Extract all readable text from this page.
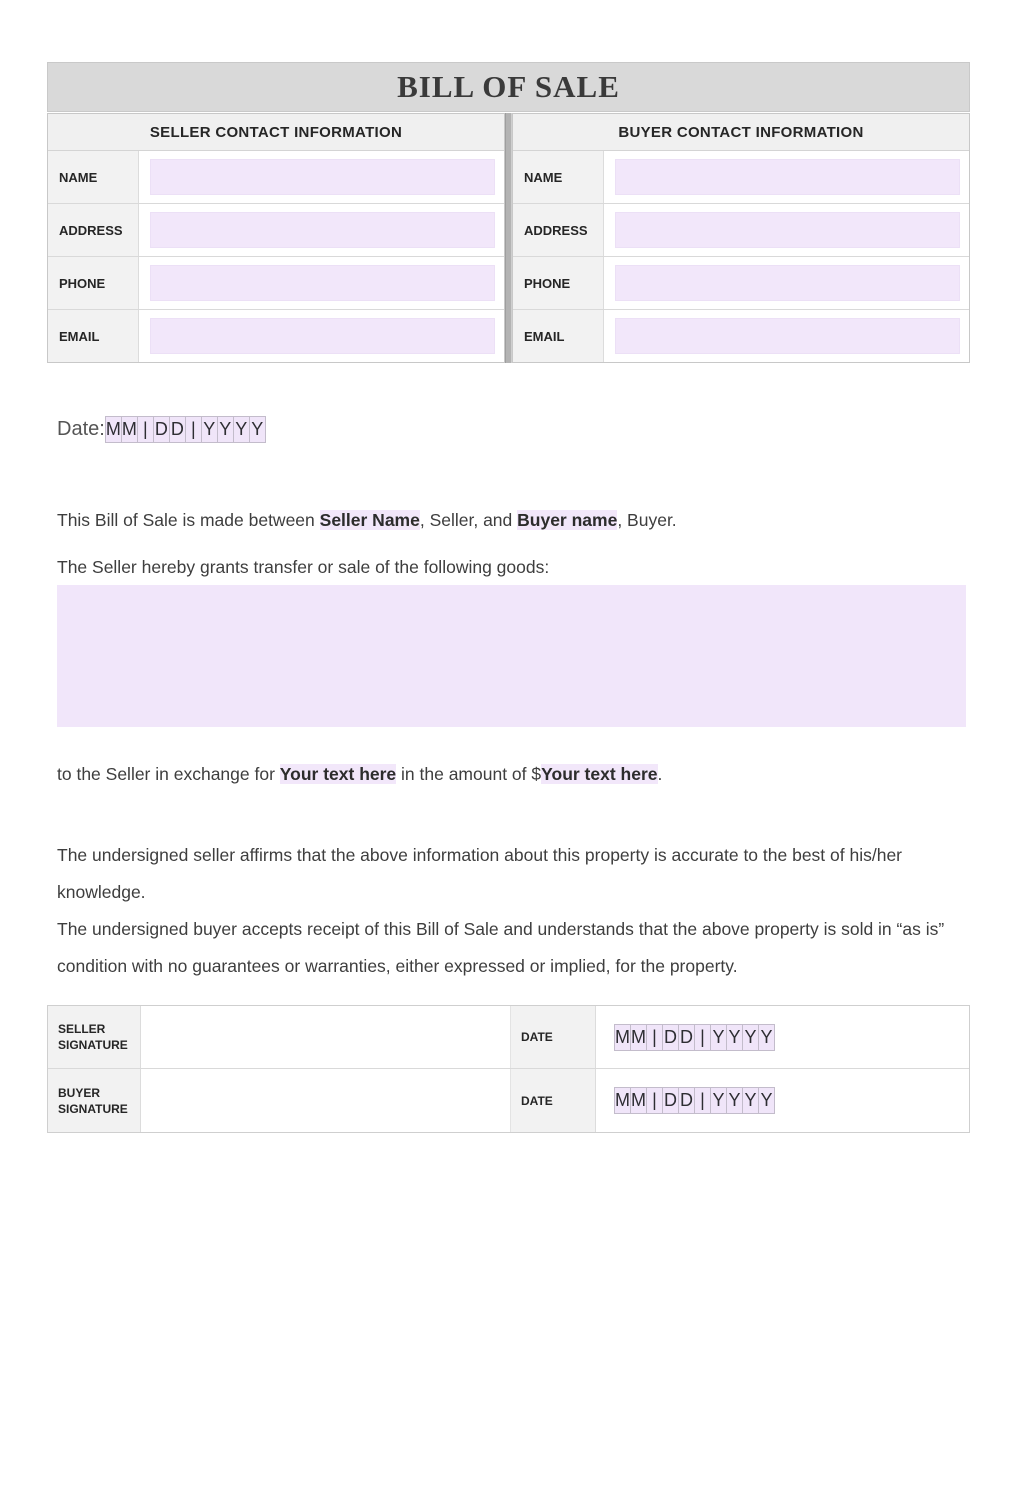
BILL OF SALE
SELLER CONTACT INFORMATION
NAME
ADDRESS
PHONE
EMAIL
BUYER CONTACT INFORMATION
NAME
ADDRESS
PHONE
EMAIL
Date: M M | D D | Y Y Y Y

This Bill of Sale is made between Seller Name, Seller, and Buyer name, Buyer.

The Seller hereby grants transfer or sale of the following goods:

to the Seller in exchange for Your text here in the amount of $Your text here.

The undersigned seller affirms that the above information about this property is accurate to the best of his/her knowledge.

The undersigned buyer accepts receipt of this Bill of Sale and understands that the above property is sold in “as is” condition with no guarantees or warranties, either expressed or implied, for the property.

SELLER SIGNATURE
DATE	M M | D D | Y Y Y Y
BUYER SIGNATURE
DATE	M M | D D | Y Y Y Y
